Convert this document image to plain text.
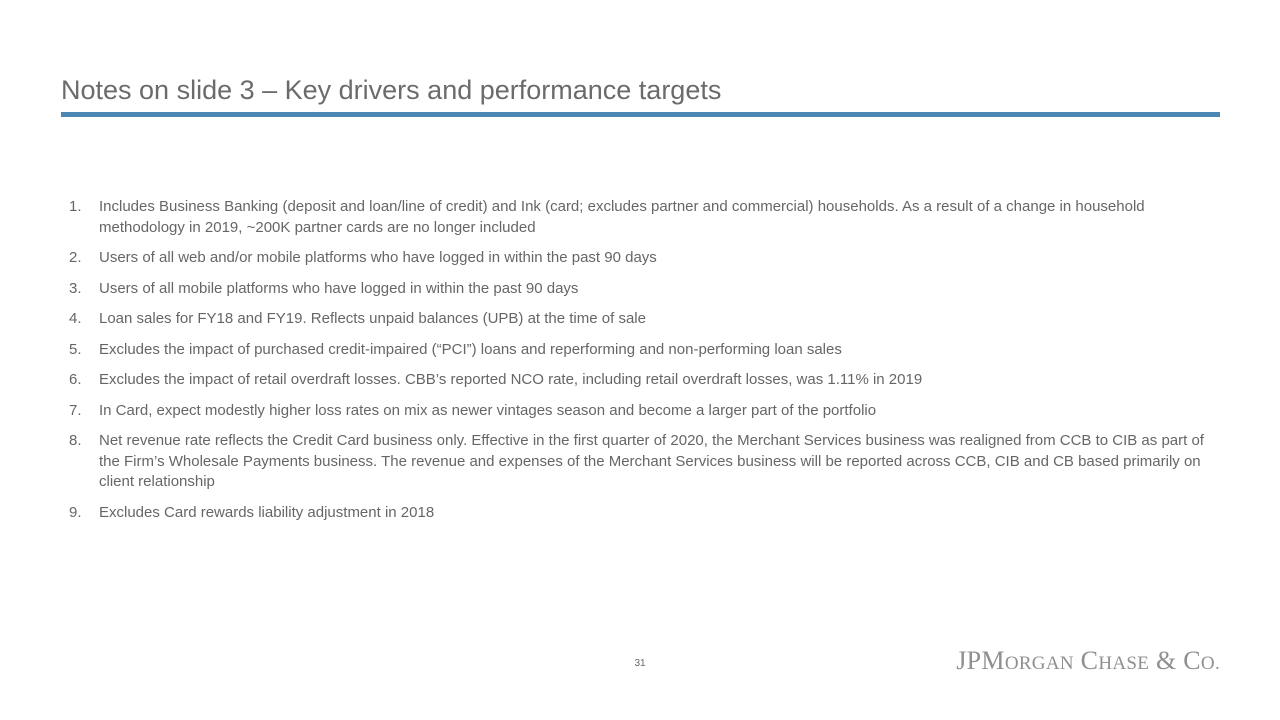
Notes on slide 3 – Key drivers and performance targets
1. Includes Business Banking (deposit and loan/line of credit) and Ink (card; excludes partner and commercial) households. As a result of a change in household methodology in 2019, ~200K partner cards are no longer included
2. Users of all web and/or mobile platforms who have logged in within the past 90 days
3. Users of all mobile platforms who have logged in within the past 90 days
4. Loan sales for FY18 and FY19. Reflects unpaid balances (UPB) at the time of sale
5. Excludes the impact of purchased credit-impaired (“PCI”) loans and reperforming and non-performing loan sales
6. Excludes the impact of retail overdraft losses. CBB’s reported NCO rate, including retail overdraft losses, was 1.11% in 2019
7. In Card, expect modestly higher loss rates on mix as newer vintages season and become a larger part of the portfolio
8. Net revenue rate reflects the Credit Card business only. Effective in the first quarter of 2020, the Merchant Services business was realigned from CCB to CIB as part of the Firm’s Wholesale Payments business. The revenue and expenses of the Merchant Services business will be reported across CCB, CIB and CB based primarily on client relationship
9. Excludes Card rewards liability adjustment in 2018
31	JPMORGAN CHASE & CO.
